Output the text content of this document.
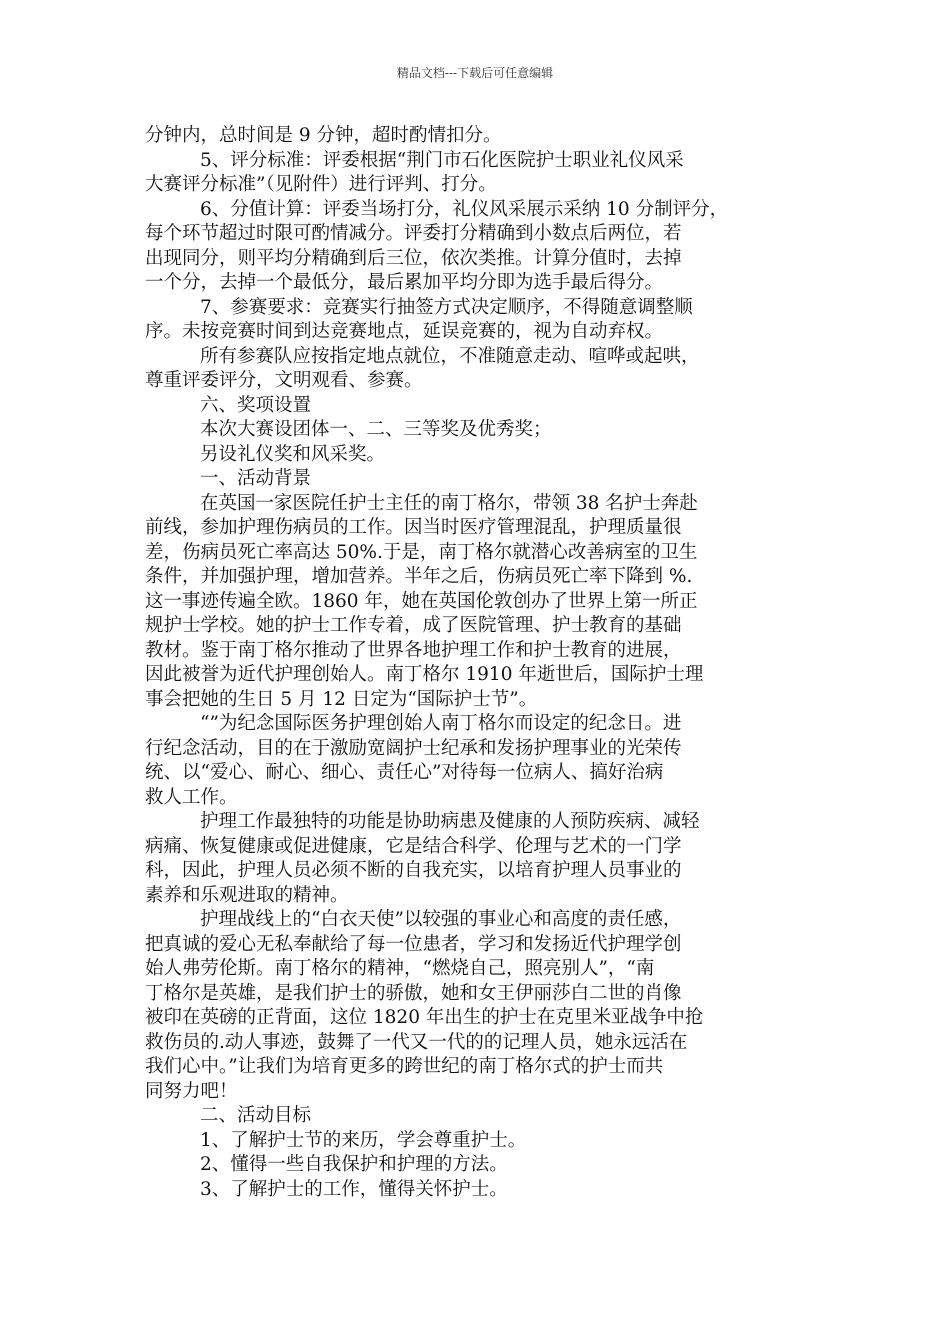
精品文档---下载后可任意编辑
分钟内，总时间是 9 分钟，超时酌情扣分。
5、评分标准：评委根据“荆门市石化医院护士职业礼仪风采
大赛评分标准”（见附件）进行评判、打分。
6、分值计算：评委当场打分，礼仪风采展示采纳 10 分制评分，
每个环节超过时限可酌情减分。评委打分精确到小数点后两位，若
出现同分，则平均分精确到后三位，依次类推。计算分值时，去掉
一个分，去掉一个最低分，最后累加平均分即为选手最后得分。
7、参赛要求：竞赛实行抽签方式决定顺序，不得随意调整顺
序。未按竞赛时间到达竞赛地点，延误竞赛的，视为自动弃权。
所有参赛队应按指定地点就位，不准随意走动、喧哗或起哄，
尊重评委评分，文明观看、参赛。
六、奖项设置
本次大赛设团体一、二、三等奖及优秀奖；
另设礼仪奖和风采奖。
一、活动背景
在英国一家医院任护士主任的南丁格尔，带领 38 名护士奔赴
前线，参加护理伤病员的工作。因当时医疗管理混乱，护理质量很
差，伤病员死亡率高达 50%.于是，南丁格尔就潜心改善病室的卫生
条件，并加强护理，增加营养。半年之后，伤病员死亡率下降到 %.
这一事迹传遍全欧。1860 年，她在英国伦敦创办了世界上第一所正
规护士学校。她的护士工作专着，成了医院管理、护士教育的基础
教材。鉴于南丁格尔推动了世界各地护理工作和护士教育的进展，
因此被誉为近代护理创始人。南丁格尔 1910 年逝世后，国际护士理
事会把她的生日 5 月 12 日定为“国际护士节”。
“”为纪念国际医务护理创始人南丁格尔而设定的纪念日。进
行纪念活动，目的在于激励宽阔护士纪承和发扬护理事业的光荣传
统、以“爱心、耐心、细心、责任心”对待每一位病人、搞好治病
救人工作。
护理工作最独特的功能是协助病患及健康的人预防疾病、减轻
病痛、恢复健康或促进健康，它是结合科学、伦理与艺术的一门学
科，因此，护理人员必须不断的自我充实，以培育护理人员事业的
素养和乐观进取的精神。
护理战线上的“白衣天使”以较强的事业心和高度的责任感，
把真诚的爱心无私奉献给了每一位患者，学习和发扬近代护理学创
始人弗劳伦斯。南丁格尔的精神，“燃烧自己，照亮别人”，“南
丁格尔是英雄，是我们护士的骄傲，她和女王伊丽莎白二世的肖像
被印在英磅的正背面，这位 1820 年出生的护士在克里米亚战争中抢
救伤员的.动人事迹，鼓舞了一代又一代的的记理人员，她永远活在
我们心中。”让我们为培育更多的跨世纪的南丁格尔式的护士而共
同努力吧！
二、活动目标
1、了解护士节的来历，学会尊重护士。
2、懂得一些自我保护和护理的方法。
3、了解护士的工作，懂得关怀护士。
